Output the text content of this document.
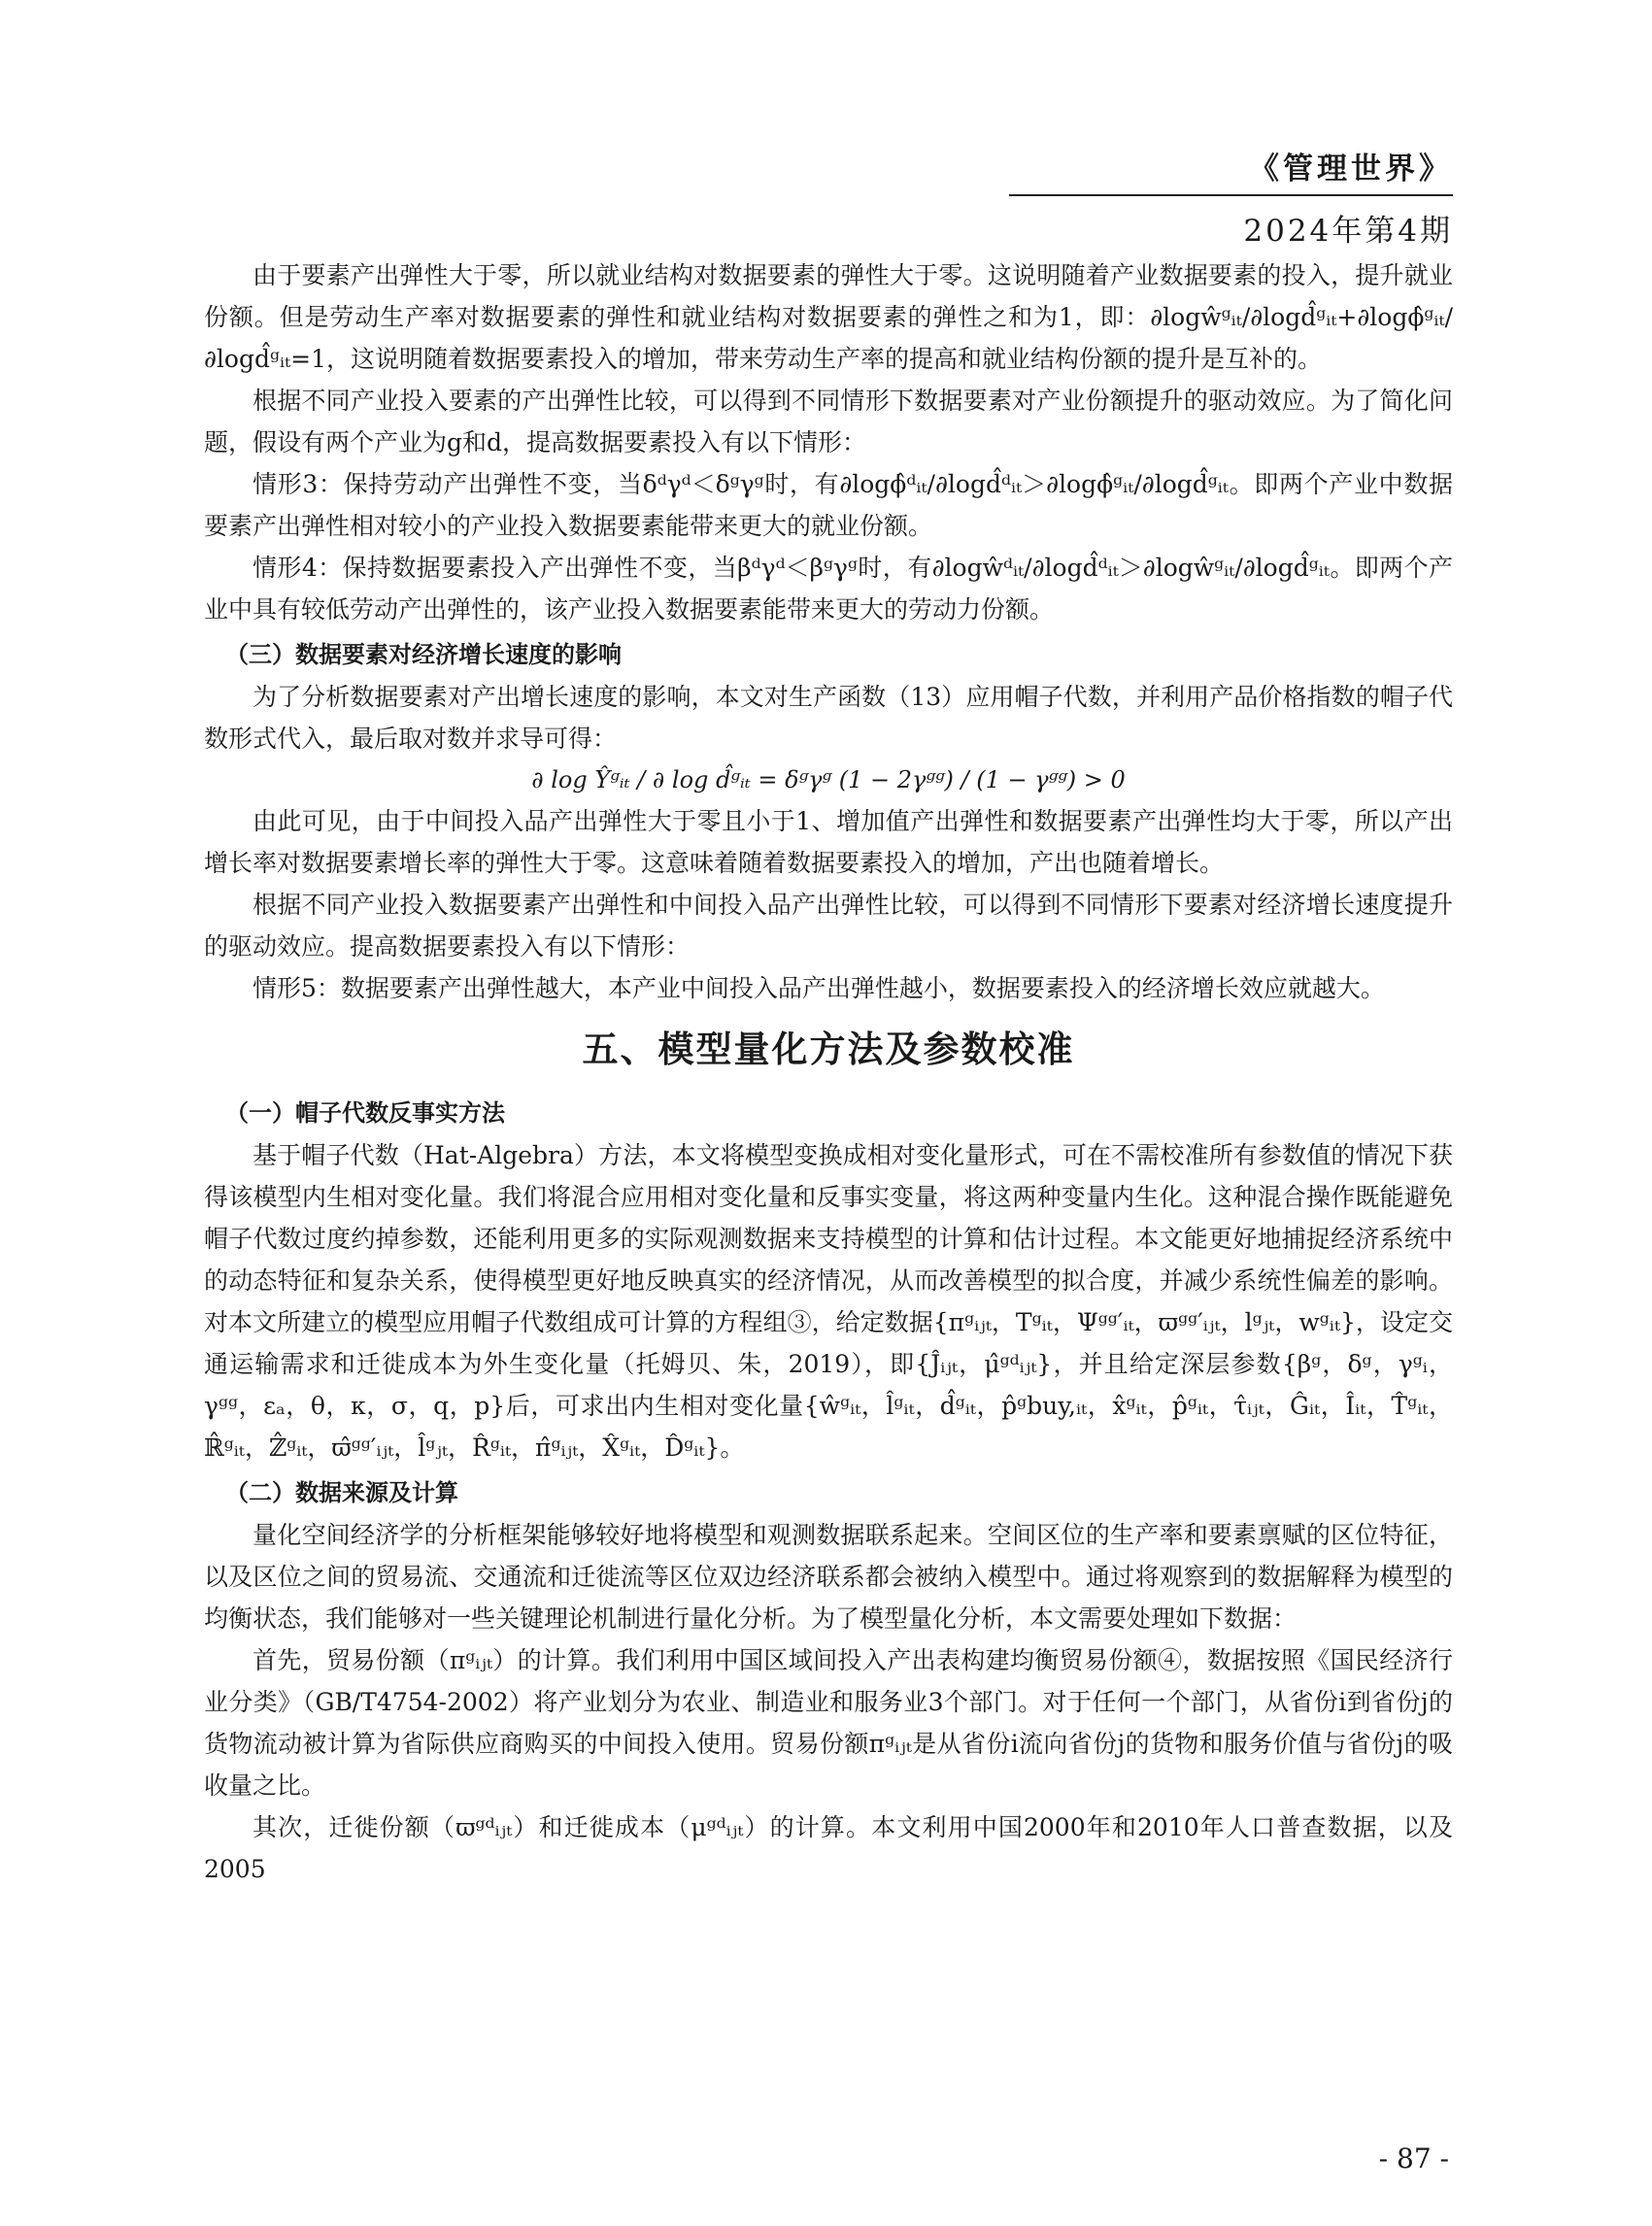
《管理世界》
2024年第4期

由于要素产出弹性大于零，所以就业结构对数据要素的弹性大于零。这说明随着产业数据要素的投入，提升就业份额。但是劳动生产率对数据要素的弹性和就业结构对数据要素的弹性之和为1，即：∂logŵᵍᵢₜ/∂logd̂ᵍᵢₜ+∂logϕ̂ᵍᵢₜ/∂logd̂ᵍᵢₜ=1，这说明随着数据要素投入的增加，带来劳动生产率的提高和就业结构份额的提升是互补的。

根据不同产业投入要素的产出弹性比较，可以得到不同情形下数据要素对产业份额提升的驱动效应。为了简化问题，假设有两个产业为g和d，提高数据要素投入有以下情形：

情形3：保持劳动产出弹性不变，当δᵈγᵈ＜δᵍγᵍ时，有∂logϕ̂ᵈᵢₜ/∂logd̂ᵈᵢₜ＞∂logϕ̂ᵍᵢₜ/∂logd̂ᵍᵢₜ。即两个产业中数据要素产出弹性相对较小的产业投入数据要素能带来更大的就业份额。

情形4：保持数据要素投入产出弹性不变，当βᵈγᵈ＜βᵍγᵍ时，有∂logŵᵈᵢₜ/∂logd̂ᵈᵢₜ＞∂logŵᵍᵢₜ/∂logd̂ᵍᵢₜ。即两个产业中具有较低劳动产出弹性的，该产业投入数据要素能带来更大的劳动力份额。

（三）数据要素对经济增长速度的影响

为了分析数据要素对产出增长速度的影响，本文对生产函数（13）应用帽子代数，并利用产品价格指数的帽子代数形式代入，最后取对数并求导可得：

∂ log Ŷᵍᵢₜ / ∂ log d̂ᵍᵢₜ = δᵍγᵍ (1 − 2γᵍᵍ) / (1 − γᵍᵍ) > 0

由此可见，由于中间投入品产出弹性大于零且小于1、增加值产出弹性和数据要素产出弹性均大于零，所以产出增长率对数据要素增长率的弹性大于零。这意味着随着数据要素投入的增加，产出也随着增长。

根据不同产业投入数据要素产出弹性和中间投入品产出弹性比较，可以得到不同情形下要素对经济增长速度提升的驱动效应。提高数据要素投入有以下情形：

情形5：数据要素产出弹性越大，本产业中间投入品产出弹性越小，数据要素投入的经济增长效应就越大。

五、模型量化方法及参数校准
（一）帽子代数反事实方法

基于帽子代数（Hat-Algebra）方法，本文将模型变换成相对变化量形式，可在不需校准所有参数值的情况下获得该模型内生相对变化量。我们将混合应用相对变化量和反事实变量，将这两种变量内生化。这种混合操作既能避免帽子代数过度约掉参数，还能利用更多的实际观测数据来支持模型的计算和估计过程。本文能更好地捕捉经济系统中的动态特征和复杂关系，使得模型更好地反映真实的经济情况，从而改善模型的拟合度，并减少系统性偏差的影响。对本文所建立的模型应用帽子代数组成可计算的方程组③，给定数据{πᵍᵢⱼₜ，Tᵍᵢₜ，Ψᵍᵍ′ᵢₜ，ϖᵍᵍ′ᵢⱼₜ，lᵍⱼₜ，wᵍᵢₜ}，设定交通运输需求和迁徙成本为外生变化量（托姆贝、朱，2019），即{Ĵᵢⱼₜ，μ̂ᵍᵈᵢⱼₜ}，并且给定深层参数{βᵍ，δᵍ，γᵍᵢ，γᵍᵍ，εₐ，θ，κ，σ，q，p}后，可求出内生相对变化量{ŵᵍᵢₜ，l̂ᵍᵢₜ，d̂ᵍᵢₜ，p̂ᵍbuy,ᵢₜ，x̂ᵍᵢₜ，p̂ᵍᵢₜ，τ̂ᵢⱼₜ，Ĝᵢₜ，Îᵢₜ，T̂ᵍᵢₜ，ℝ̂ᵍᵢₜ，ℤ̂ᵍᵢₜ，ϖ̂ᵍᵍ′ᵢⱼₜ，l̂ᵍⱼₜ，R̂ᵍᵢₜ，π̂ᵍᵢⱼₜ，X̂ᵍᵢₜ，D̂ᵍᵢₜ}。

（二）数据来源及计算

量化空间经济学的分析框架能够较好地将模型和观测数据联系起来。空间区位的生产率和要素禀赋的区位特征，以及区位之间的贸易流、交通流和迁徙流等区位双边经济联系都会被纳入模型中。通过将观察到的数据解释为模型的均衡状态，我们能够对一些关键理论机制进行量化分析。为了模型量化分析，本文需要处理如下数据：

首先，贸易份额（πᵍᵢⱼₜ）的计算。我们利用中国区域间投入产出表构建均衡贸易份额④，数据按照《国民经济行业分类》（GB/T4754-2002）将产业划分为农业、制造业和服务业3个部门。对于任何一个部门，从省份i到省份j的货物流动被计算为省际供应商购买的中间投入使用。贸易份额πᵍᵢⱼₜ是从省份i流向省份j的货物和服务价值与省份j的吸收量之比。

其次，迁徙份额（ϖᵍᵈᵢⱼₜ）和迁徙成本（μᵍᵈᵢⱼₜ）的计算。本文利用中国2000年和2010年人口普查数据，以及2005

- 87 -
